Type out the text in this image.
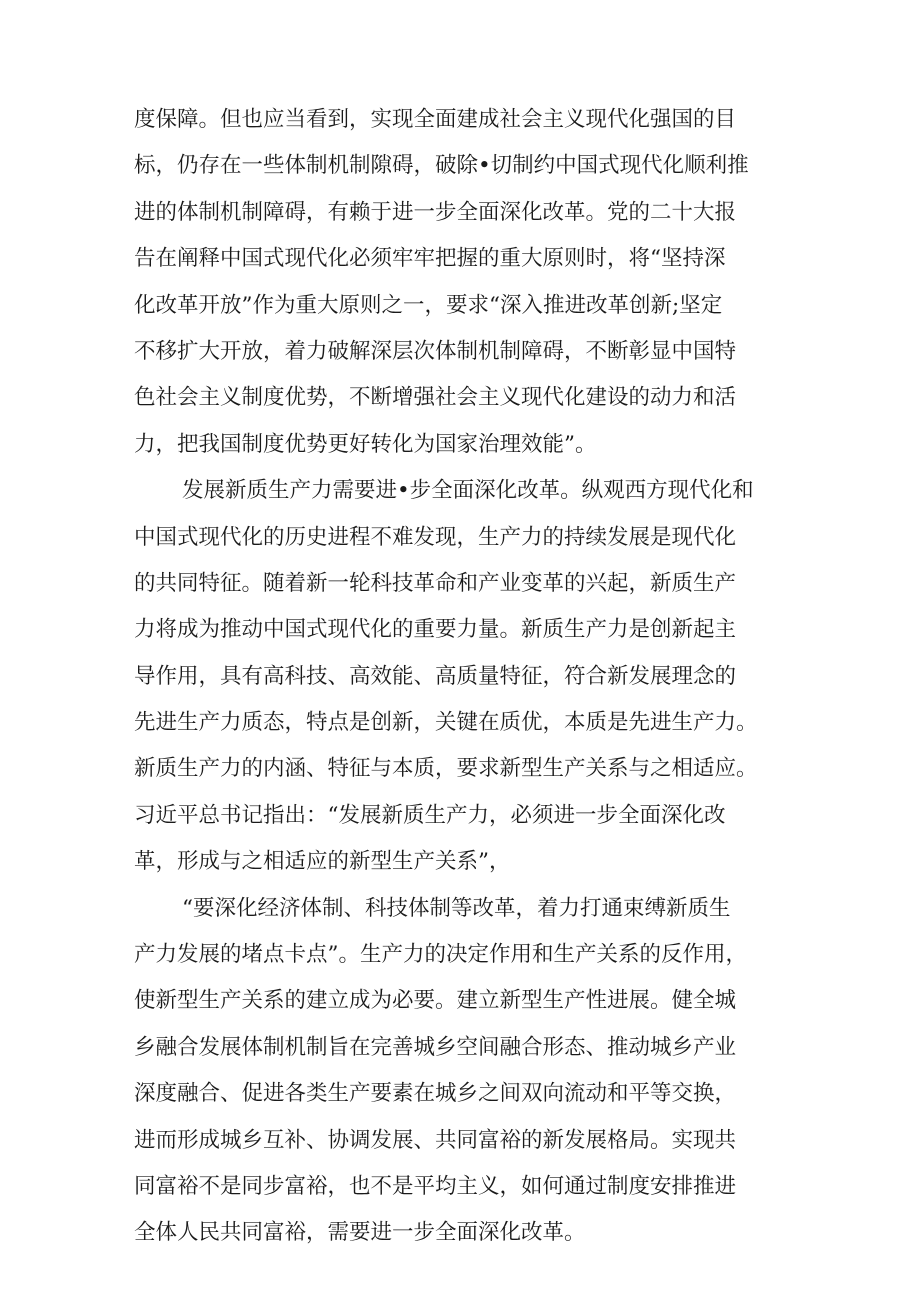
度保障。但也应当看到，实现全面建成社会主义现代化强国的目
标，仍存在一些体制机制隙碍，破除•切制约中国式现代化顺利推
进的体制机制障碍，有赖于进一步全面深化改革。党的二十大报
告在阐释中国式现代化必须牢牢把握的重大原则时，将“坚持深
化改革开放”作为重大原则之一，要求“深入推进改革创新;坚定
不移扩大开放，着力破解深层次体制机制障碍，不断彰显中国特
色社会主义制度优势，不断增强社会主义现代化建设的动力和活
力，把我国制度优势更好转化为国家治理效能”。
发展新质生产力需要进•步全面深化改革。纵观西方现代化和
中国式现代化的历史进程不难发现，生产力的持续发展是现代化
的共同特征。随着新一轮科技革命和产业变革的兴起，新质生产
力将成为推动中国式现代化的重要力量。新质生产力是创新起主
导作用，具有高科技、高效能、高质量特征，符合新发展理念的
先进生产力质态，特点是创新，关键在质优，本质是先进生产力。
新质生产力的内涵、特征与本质，要求新型生产关系与之相适应。
习近平总书记指出：“发展新质生产力，必须进一步全面深化改
革，形成与之相适应的新型生产关系”，
“要深化经济体制、科技体制等改革，着力打通束缚新质生
产力发展的堵点卡点”。生产力的决定作用和生产关系的反作用，
使新型生产关系的建立成为必要。建立新型生产性进展。健全城
乡融合发展体制机制旨在完善城乡空间融合形态、推动城乡产业
深度融合、促进各类生产要素在城乡之间双向流动和平等交换，
进而形成城乡互补、协调发展、共同富裕的新发展格局。实现共
同富裕不是同步富裕，也不是平均主义，如何通过制度安排推进
全体人民共同富裕，需要进一步全面深化改革。
